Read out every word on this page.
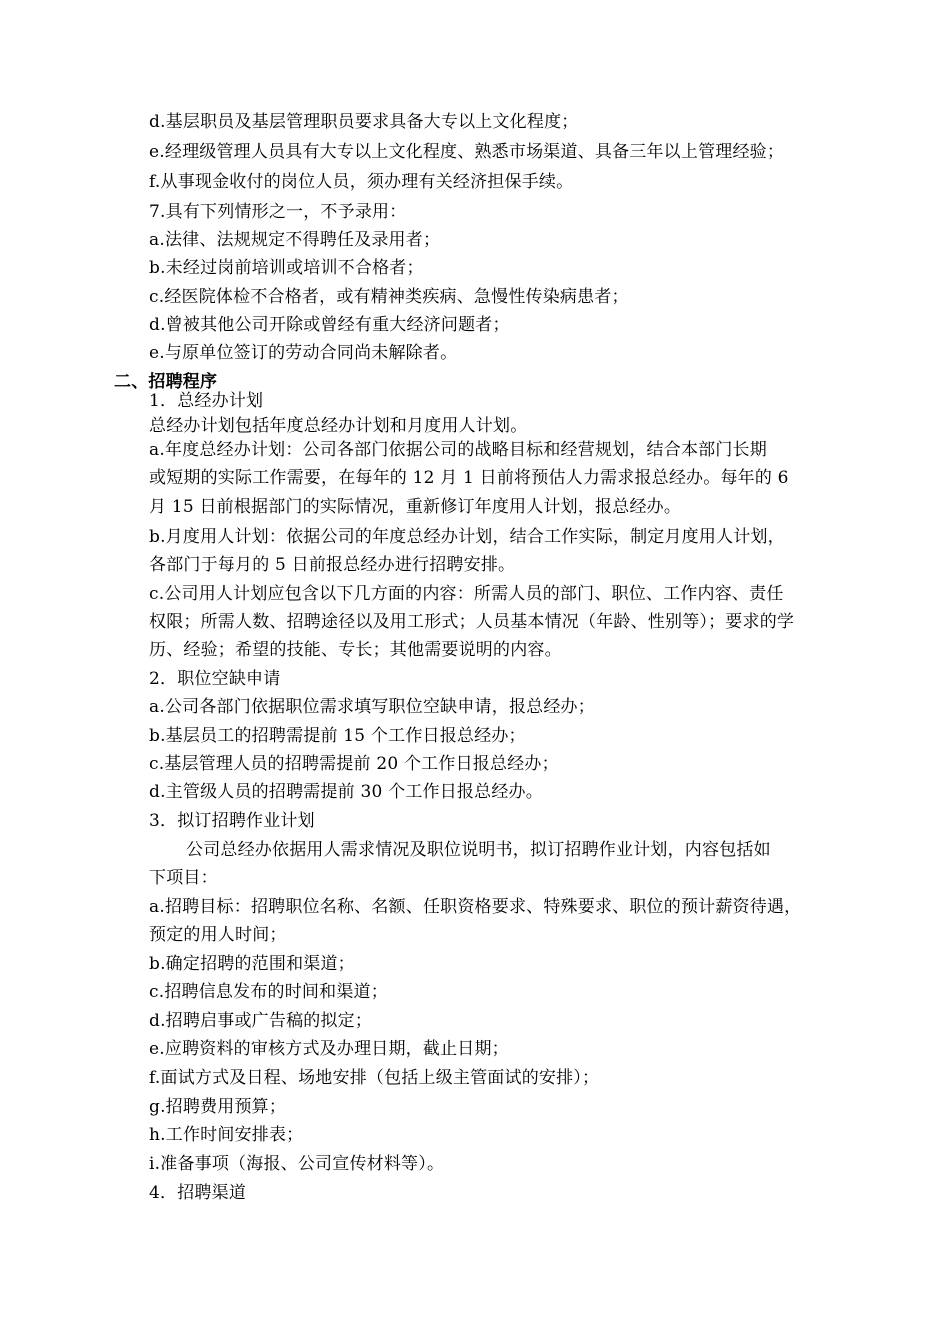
d.基层职员及基层管理职员要求具备大专以上文化程度；
e.经理级管理人员具有大专以上文化程度、熟悉市场渠道、具备三年以上管理经验；
f.从事现金收付的岗位人员，须办理有关经济担保手续。
7.具有下列情形之一，不予录用：
a.法律、法规规定不得聘任及录用者；
b.未经过岗前培训或培训不合格者；
c.经医院体检不合格者，或有精神类疾病、急慢性传染病患者；
d.曾被其他公司开除或曾经有重大经济问题者；
e.与原单位签订的劳动合同尚未解除者。
二、招聘程序
1．总经办计划
总经办计划包括年度总经办计划和月度用人计划。
a.年度总经办计划：公司各部门依据公司的战略目标和经营规划，结合本部门长期
或短期的实际工作需要，在每年的 12 月 1 日前将预估人力需求报总经办。每年的 6
月 15 日前根据部门的实际情况，重新修订年度用人计划，报总经办。
b.月度用人计划：依据公司的年度总经办计划，结合工作实际，制定月度用人计划，
各部门于每月的 5 日前报总经办进行招聘安排。
c.公司用人计划应包含以下几方面的内容：所需人员的部门、职位、工作内容、责任
权限；所需人数、招聘途径以及用工形式；人员基本情况（年龄、性别等）；要求的学
历、经验；希望的技能、专长；其他需要说明的内容。
2．职位空缺申请
a.公司各部门依据职位需求填写职位空缺申请，报总经办；
b.基层员工的招聘需提前 15 个工作日报总经办；
c.基层管理人员的招聘需提前 20 个工作日报总经办；
d.主管级人员的招聘需提前 30 个工作日报总经办。
3．拟订招聘作业计划
公司总经办依据用人需求情况及职位说明书，拟订招聘作业计划，内容包括如
下项目：
a.招聘目标：招聘职位名称、名额、任职资格要求、特殊要求、职位的预计薪资待遇，
预定的用人时间；
b.确定招聘的范围和渠道；
c.招聘信息发布的时间和渠道；
d.招聘启事或广告稿的拟定；
e.应聘资料的审核方式及办理日期，截止日期；
f.面试方式及日程、场地安排（包括上级主管面试的安排）；
g.招聘费用预算；
h.工作时间安排表；
i.准备事项（海报、公司宣传材料等）。
4．招聘渠道
